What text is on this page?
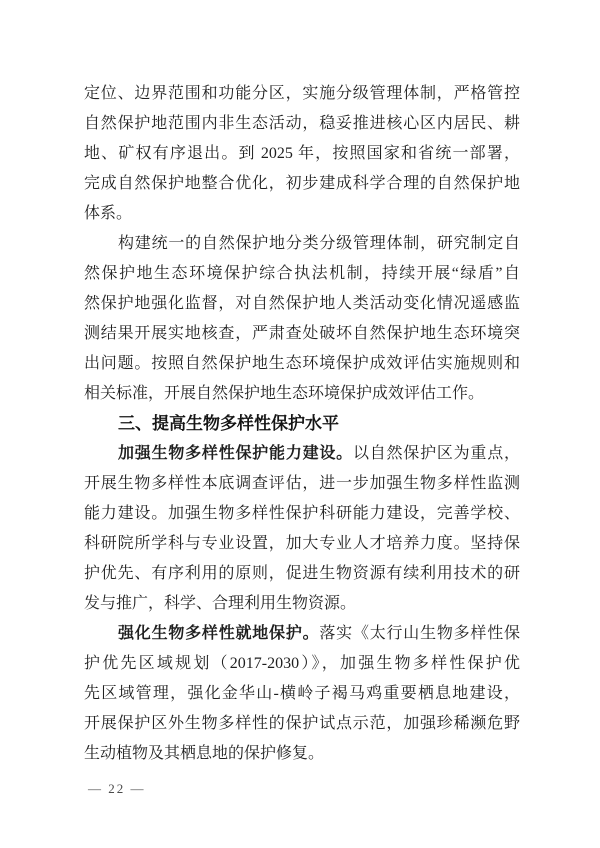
定位、边界范围和功能分区，实施分级管理体制，严格管控
自然保护地范围内非生态活动，稳妥推进核心区内居民、耕
地、矿权有序退出。到 2025 年，按照国家和省统一部署，
完成自然保护地整合优化，初步建成科学合理的自然保护地
体系。
构建统一的自然保护地分类分级管理体制，研究制定自
然保护地生态环境保护综合执法机制，持续开展“绿盾”自
然保护地强化监督，对自然保护地人类活动变化情况遥感监
测结果开展实地核查，严肃查处破坏自然保护地生态环境突
出问题。按照自然保护地生态环境保护成效评估实施规则和
相关标准，开展自然保护地生态环境保护成效评估工作。
三、提高生物多样性保护水平
加强生物多样性保护能力建设。以自然保护区为重点，
开展生物多样性本底调查评估，进一步加强生物多样性监测
能力建设。加强生物多样性保护科研能力建设，完善学校、
科研院所学科与专业设置，加大专业人才培养力度。坚持保
护优先、有序利用的原则，促进生物资源有续利用技术的研
发与推广，科学、合理利用生物资源。
强化生物多样性就地保护。落实《太行山生物多样性保
护优先区域规划（2017-2030）》，加强生物多样性保护优
先区域管理，强化金华山-横岭子褐马鸡重要栖息地建设，
开展保护区外生物多样性的保护试点示范，加强珍稀濒危野
生动植物及其栖息地的保护修复。
— 22 —
